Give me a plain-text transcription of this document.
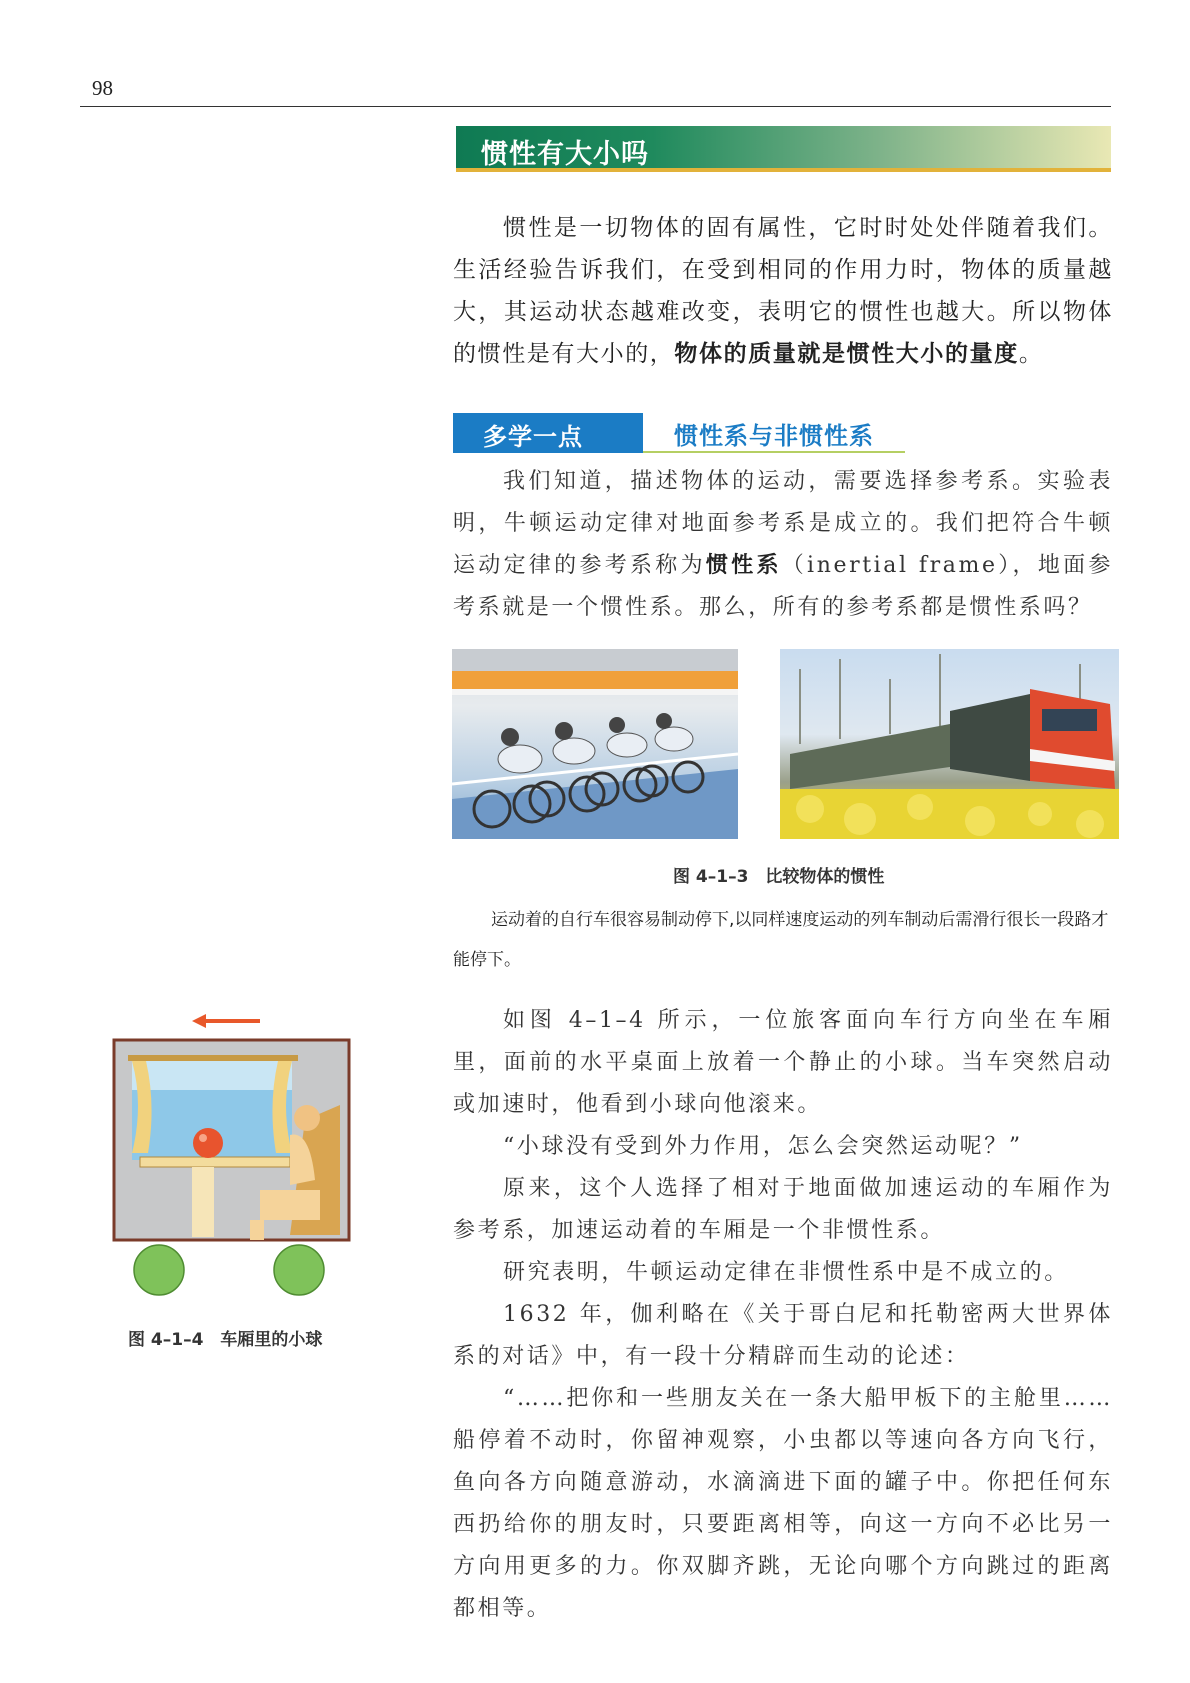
98
惯性有大小吗
惯性是一切物体的固有属性，它时时处处伴随着我们。生活经验告诉我们，在受到相同的作用力时，物体的质量越大，其运动状态越难改变，表明它的惯性也越大。所以物体的惯性是有大小的，物体的质量就是惯性大小的量度。
多学一点	惯性系与非惯性系
我们知道，描述物体的运动，需要选择参考系。实验表明，牛顿运动定律对地面参考系是成立的。我们把符合牛顿运动定律的参考系称为惯性系（inertial frame），地面参考系就是一个惯性系。那么，所有的参考系都是惯性系吗？
图 4–1–3　比较物体的惯性
运动着的自行车很容易制动停下,以同样速度运动的列车制动后需滑行很长一段路才能停下。
图 4–1–4　车厢里的小球
如图 4–1–4 所示，一位旅客面向车行方向坐在车厢里，面前的水平桌面上放着一个静止的小球。当车突然启动或加速时，他看到小球向他滚来。
“小球没有受到外力作用，怎么会突然运动呢？”
原来，这个人选择了相对于地面做加速运动的车厢作为参考系，加速运动着的车厢是一个非惯性系。
研究表明，牛顿运动定律在非惯性系中是不成立的。
1632 年，伽利略在《关于哥白尼和托勒密两大世界体系的对话》中，有一段十分精辟而生动的论述：
“……把你和一些朋友关在一条大船甲板下的主舱里……船停着不动时，你留神观察，小虫都以等速向各方向飞行，鱼向各方向随意游动，水滴滴进下面的罐子中。你把任何东西扔给你的朋友时，只要距离相等，向这一方向不必比另一方向用更多的力。你双脚齐跳，无论向哪个方向跳过的距离都相等。
